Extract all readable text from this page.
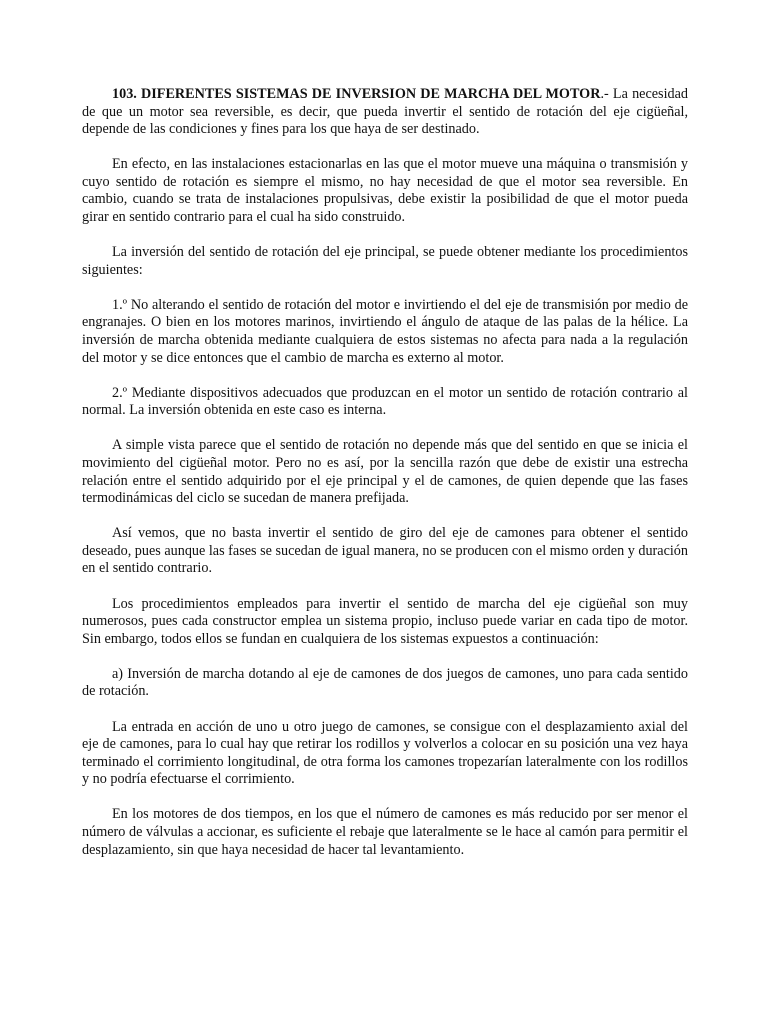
103. DIFERENTES SISTEMAS DE INVERSION DE MARCHA DEL MOTOR.- La necesidad de que un motor sea reversible, es decir, que pueda invertir el sentido de rotación del eje cigüeñal, depende de las condiciones y fines para los que haya de ser destinado.

En efecto, en las instalaciones estacionarlas en las que el motor mueve una máquina o transmisión y cuyo sentido de rotación es siempre el mismo, no hay necesidad de que el motor sea reversible. En cambio, cuando se trata de instalaciones propulsivas, debe existir la posibilidad de que el motor pueda girar en sentido contrario para el cual ha sido construido.

La inversión del sentido de rotación del eje principal, se puede obtener mediante los procedimientos siguientes:

1.º No alterando el sentido de rotación del motor e invirtiendo el del eje de transmisión por medio de engranajes. O bien en los motores marinos, invirtiendo el ángulo de ataque de las palas de la hélice. La inversión de marcha obtenida mediante cualquiera de estos sistemas no afecta para nada a la regulación del motor y se dice entonces que el cambio de marcha es externo al motor.

2.º Mediante dispositivos adecuados que produzcan en el motor un sentido de rotación contrario al normal. La inversión obtenida en este caso es interna.

A simple vista parece que el sentido de rotación no depende más que del sentido en que se inicia el movimiento del cigüeñal motor. Pero no es así, por la sencilla razón que debe de existir una estrecha relación entre el sentido adquirido por el eje principal y el de camones, de quien depende que las fases termodinámicas del ciclo se sucedan de manera prefijada.

Así vemos, que no basta invertir el sentido de giro del eje de camones para obtener el sentido deseado, pues aunque las fases se sucedan de igual manera, no se producen con el mismo orden y duración en el sentido contrario.

Los procedimientos empleados para invertir el sentido de marcha del eje cigüeñal son muy numerosos, pues cada constructor emplea un sistema propio, incluso puede variar en cada tipo de motor. Sin embargo, todos ellos se fundan en cualquiera de los sistemas expuestos a continuación:

a) Inversión de marcha dotando al eje de camones de dos juegos de camones, uno para cada sentido de rotación.

La entrada en acción de uno u otro juego de camones, se consigue con el desplazamiento axial del eje de camones, para lo cual hay que retirar los rodillos y volverlos a colocar en su posición una vez haya terminado el corrimiento longitudinal, de otra forma los camones tropezarían lateralmente con los rodillos y no podría efectuarse el corrimiento.

En los motores de dos tiempos, en los que el número de camones es más reducido por ser menor el número de válvulas a accionar, es suficiente el rebaje que lateralmente se le hace al camón para permitir el desplazamiento, sin que haya necesidad de hacer tal levantamiento.
